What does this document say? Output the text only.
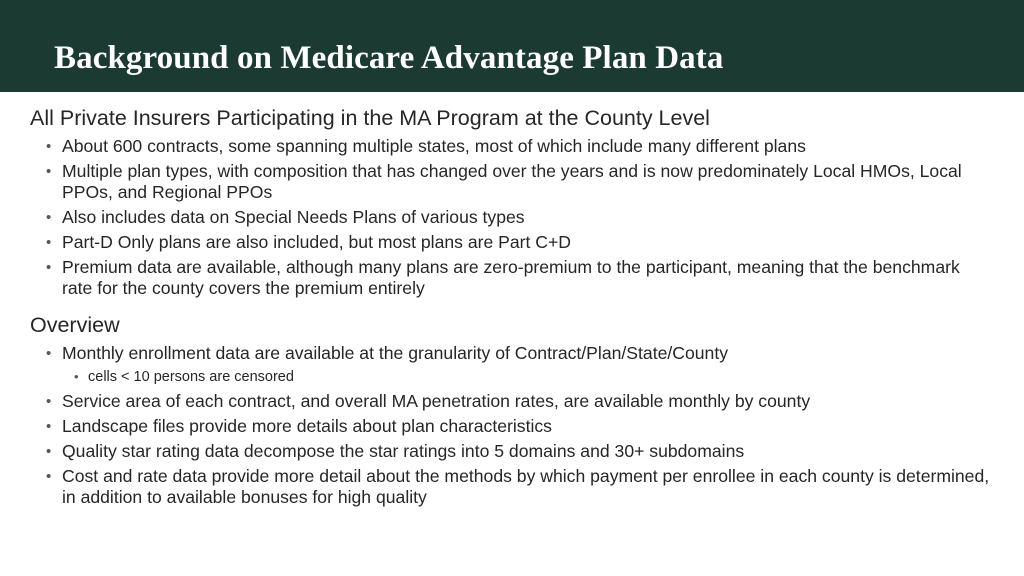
Background on Medicare Advantage Plan Data
All Private Insurers Participating in the MA Program at the County Level
• About 600 contracts, some spanning multiple states, most of which include many different plans
• Multiple plan types, with composition that has changed over the years and is now predominately Local HMOs, Local PPOs, and Regional PPOs
• Also includes data on Special Needs Plans of various types
• Part-D Only plans are also included, but most plans are Part C+D
• Premium data are available, although many plans are zero-premium to the participant, meaning that the benchmark rate for the county covers the premium entirely
Overview
• Monthly enrollment data are available at the granularity of Contract/Plan/State/County
• cells < 10 persons are censored
• Service area of each contract, and overall MA penetration rates, are available monthly by county
• Landscape files provide more details about plan characteristics
• Quality star rating data decompose the star ratings into 5 domains and 30+ subdomains
• Cost and rate data provide more detail about the methods by which payment per enrollee in each county is determined, in addition to available bonuses for high quality
